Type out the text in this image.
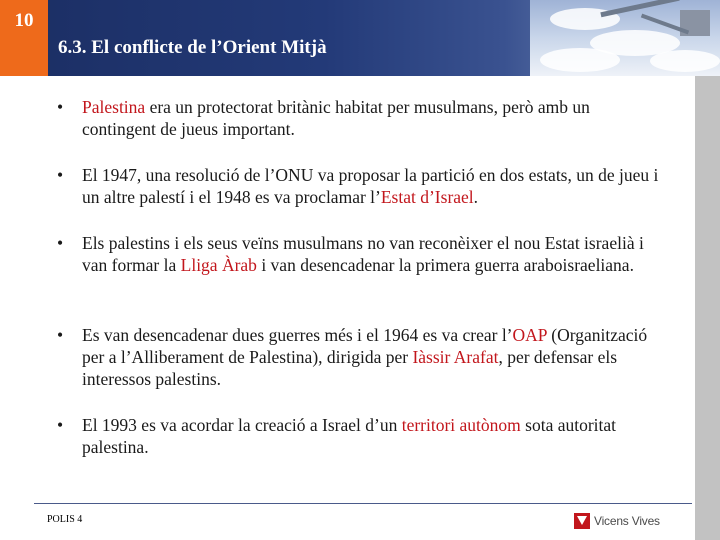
10
6.3. El conflicte de l’Orient Mitjà
• Palestina era un protectorat britànic habitat per musulmans, però amb un contingent de jueus important.
• El 1947, una resolució de l’ONU va proposar la partició en dos estats, un de jueu i un altre palestí i el 1948 es va proclamar l’Estat d’Israel.
• Els palestins i els seus veïns musulmans no van reconèixer el nou Estat israelià i van formar la Lliga Àrab i van desencadenar la primera guerra araboisraeliana.
• Es van desencadenar dues guerres més i el 1964 es va crear l’OAP (Organització per a l’Alliberament de Palestina), dirigida per Iàssir Arafat, per defensar els interessos palestins.
• El 1993 es va acordar la creació a Israel d’un territori autònom sota autoritat palestina.
POLIS 4	Vicens Vives
